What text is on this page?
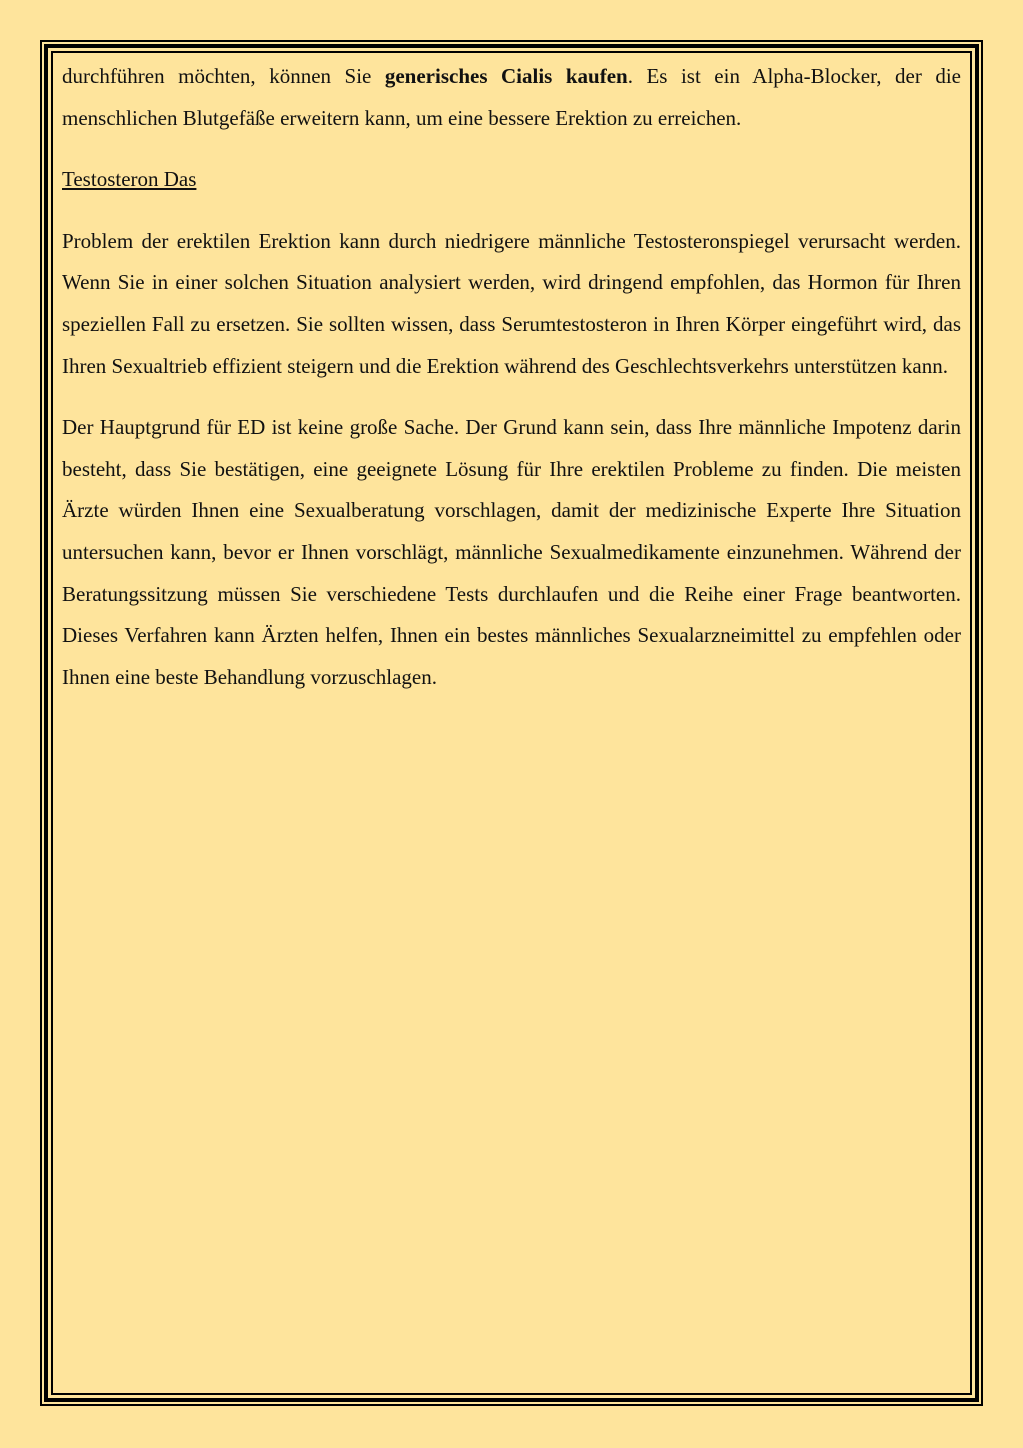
durchführen möchten, können Sie generisches Cialis kaufen. Es ist ein Alpha-Blocker, der die menschlichen Blutgefäße erweitern kann, um eine bessere Erektion zu erreichen.

Testosteron Das

Problem der erektilen Erektion kann durch niedrigere männliche Testosteronspiegel verursacht werden. Wenn Sie in einer solchen Situation analysiert werden, wird dringend empfohlen, das Hormon für Ihren speziellen Fall zu ersetzen. Sie sollten wissen, dass Serumtestosteron in Ihren Körper eingeführt wird, das Ihren Sexualtrieb effizient steigern und die Erektion während des Geschlechtsverkehrs unterstützen kann.

Der Hauptgrund für ED ist keine große Sache. Der Grund kann sein, dass Ihre männliche Impotenz darin besteht, dass Sie bestätigen, eine geeignete Lösung für Ihre erektilen Probleme zu finden. Die meisten Ärzte würden Ihnen eine Sexualberatung vorschlagen, damit der medizinische Experte Ihre Situation untersuchen kann, bevor er Ihnen vorschlägt, männliche Sexualmedikamente einzunehmen. Während der Beratungssitzung müssen Sie verschiedene Tests durchlaufen und die Reihe einer Frage beantworten. Dieses Verfahren kann Ärzten helfen, Ihnen ein bestes männliches Sexualarzneimittel zu empfehlen oder Ihnen eine beste Behandlung vorzuschlagen.
